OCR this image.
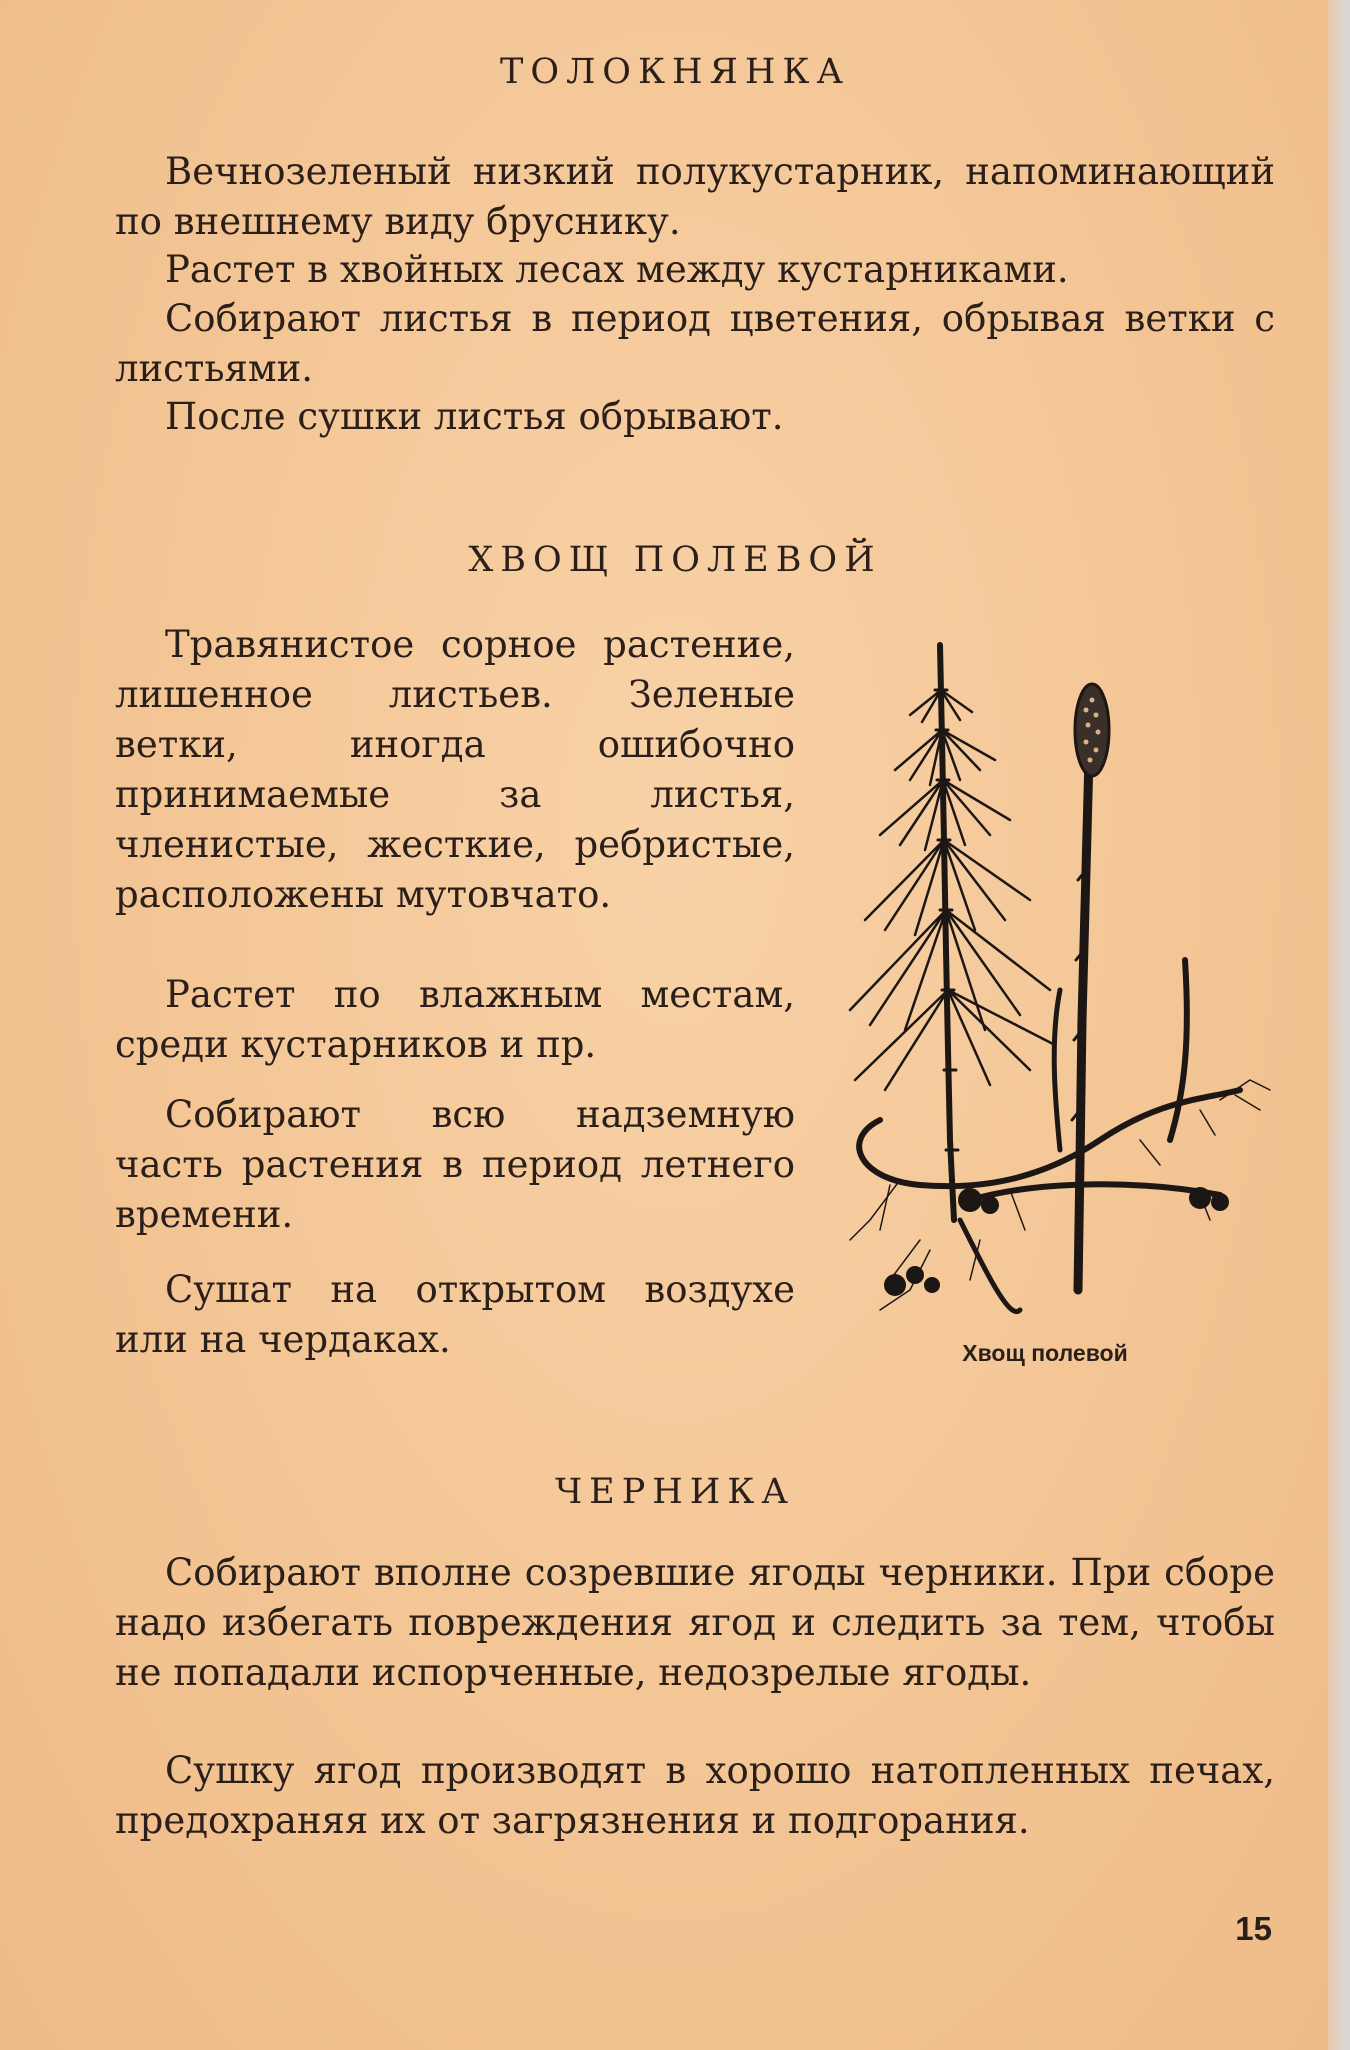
ТОЛОКНЯНКА

Вечнозеленый низкий полукустарник, напоминающий по внешнему виду бруснику.

Растет в хвойных лесах между кустарниками.

Собирают листья в период цветения, обрывая ветки с листьями.

После сушки листья обрывают.

ХВОЩ ПОЛЕВОЙ

Травянистое сорное растение, лишенное листьев. Зеленые ветки, иногда ошибочно принимаемые за листья, членистые, жесткие, ребристые, расположены мутовчато.

Растет по влажным местам, среди кустарников и пр.

Собирают всю надземную часть растения в период летнего времени.

Сушат на открытом воздухе или на чердаках.	Хвощ полевой
ЧЕРНИКА

Собирают вполне созревшие ягоды черники. При сборе надо избегать повреждения ягод и следить за тем, чтобы не попадали испорченные, недозрелые ягоды.

Сушку ягод производят в хорошо натопленных печах, предохраняя их от загрязнения и подгорания.

15
